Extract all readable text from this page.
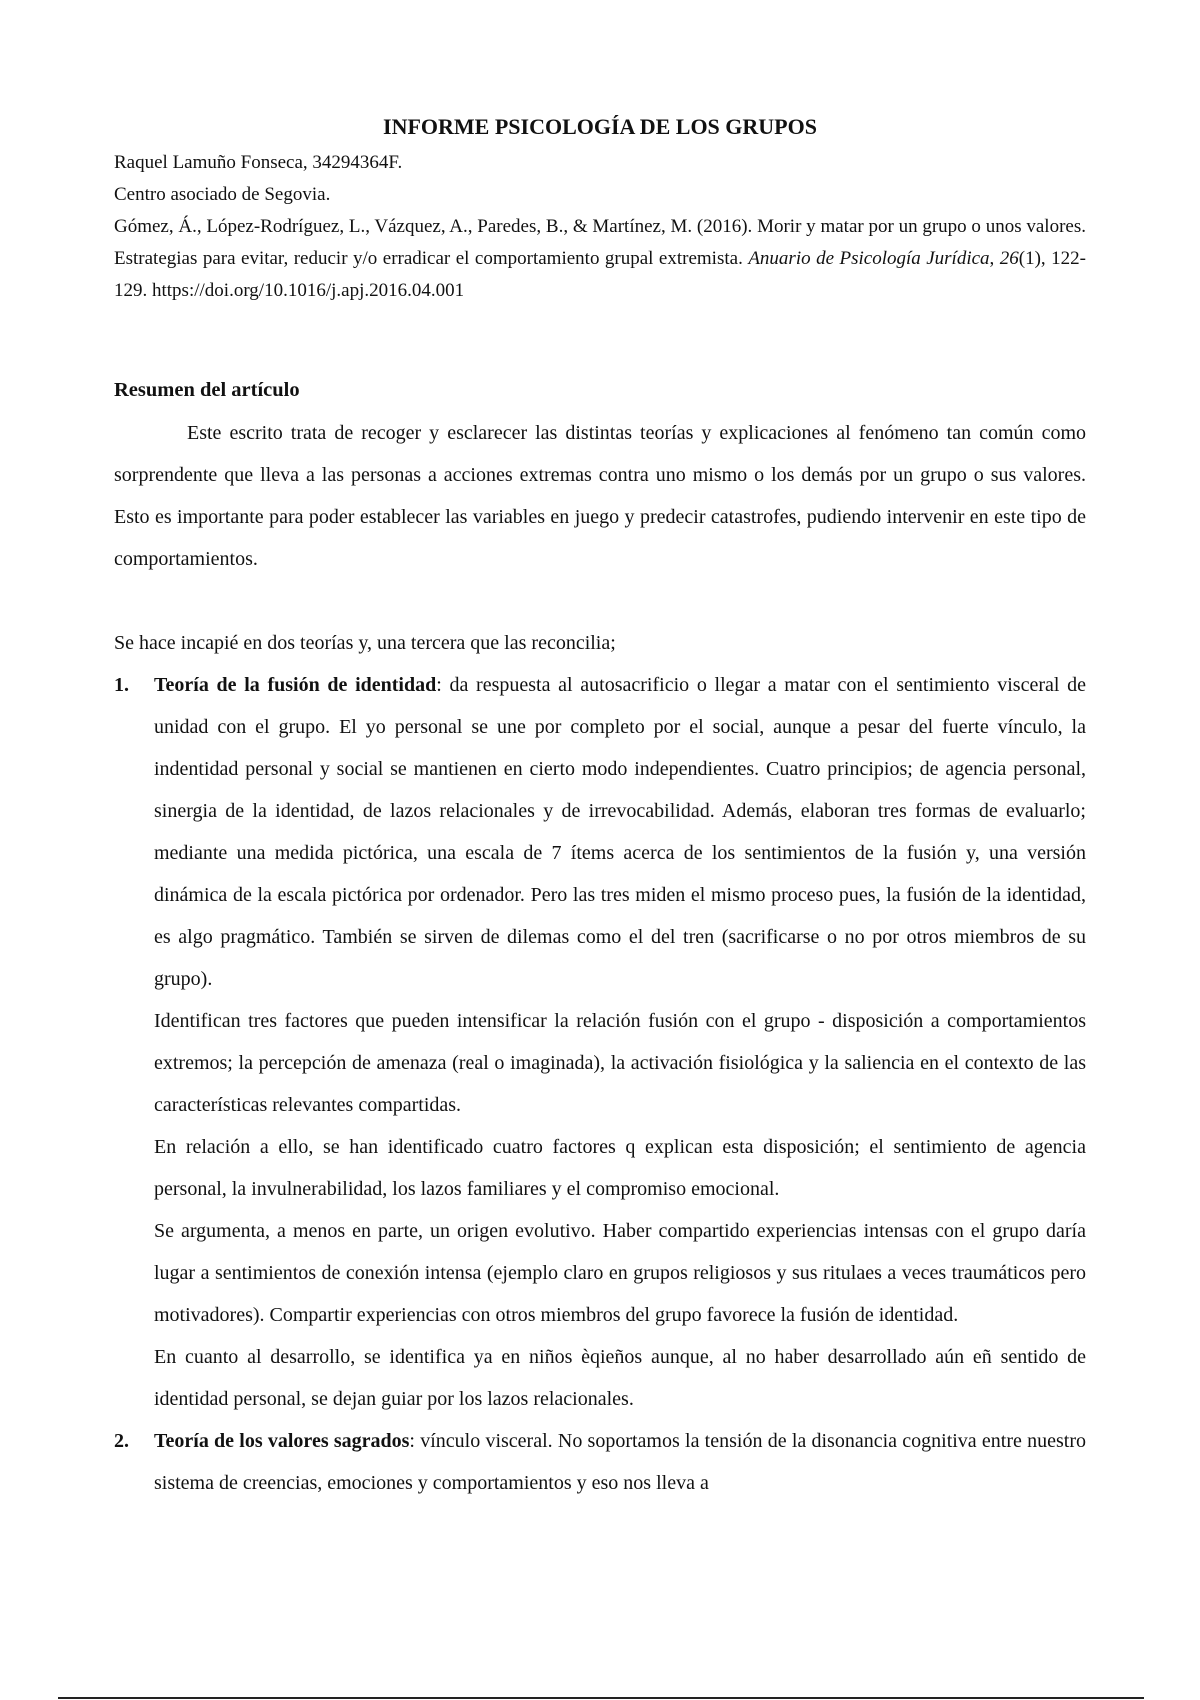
INFORME PSICOLOGÍA DE LOS GRUPOS

Raquel Lamuño Fonseca, 34294364F.

Centro asociado de Segovia.

Gómez, Á., López-Rodríguez, L., Vázquez, A., Paredes, B., & Martínez, M. (2016). Morir y matar por un grupo o unos valores. Estrategias para evitar, reducir y/o erradicar el comportamiento grupal extremista. Anuario de Psicología Jurídica, 26(1), 122-129. https://doi.org/10.1016/j.apj.2016.04.001

Resumen del artículo

Este escrito trata de recoger y esclarecer las distintas teorías y explicaciones al fenómeno tan común como sorprendente que lleva a las personas a acciones extremas contra uno mismo o los demás por un grupo o sus valores. Esto es importante para poder establecer las variables en juego y predecir catastrofes, pudiendo intervenir en este tipo de comportamientos.

Se hace incapié en dos teorías y, una tercera que las reconcilia;

1. Teoría de la fusión de identidad: da respuesta al autosacrificio o llegar a matar con el sentimiento visceral de unidad con el grupo. El yo personal se une por completo por el social, aunque a pesar del fuerte vínculo, la indentidad personal y social se mantienen en cierto modo independientes. Cuatro principios; de agencia personal, sinergia de la identidad, de lazos relacionales y de irrevocabilidad. Además, elaboran tres formas de evaluarlo; mediante una medida pictórica, una escala de 7 ítems acerca de los sentimientos de la fusión y, una versión dinámica de la escala pictórica por ordenador. Pero las tres miden el mismo proceso pues, la fusión de la identidad, es algo pragmático. También se sirven de dilemas como el del tren (sacrificarse o no por otros miembros de su grupo).

Identifican tres factores que pueden intensificar la relación fusión con el grupo - disposición a comportamientos extremos; la percepción de amenaza (real o imaginada), la activación fisiológica y la saliencia en el contexto de las características relevantes compartidas.

En relación a ello, se han identificado cuatro factores q explican esta disposición; el sentimiento de agencia personal, la invulnerabilidad, los lazos familiares y el compromiso emocional.

Se argumenta, a menos en parte, un origen evolutivo. Haber compartido experiencias intensas con el grupo daría lugar a sentimientos de conexión intensa (ejemplo claro en grupos religiosos y sus ritulaes a veces traumáticos pero motivadores). Compartir experiencias con otros miembros del grupo favorece la fusión de identidad.

En cuanto al desarrollo, se identifica ya en niños èqieños aunque, al no haber desarrollado aún eñ sentido de identidad personal, se dejan guiar por los lazos relacionales.

2. Teoría de los valores sagrados: vínculo visceral. No soportamos la tensión de la disonancia cognitiva entre nuestro sistema de creencias, emociones y comportamientos y eso nos lleva a
